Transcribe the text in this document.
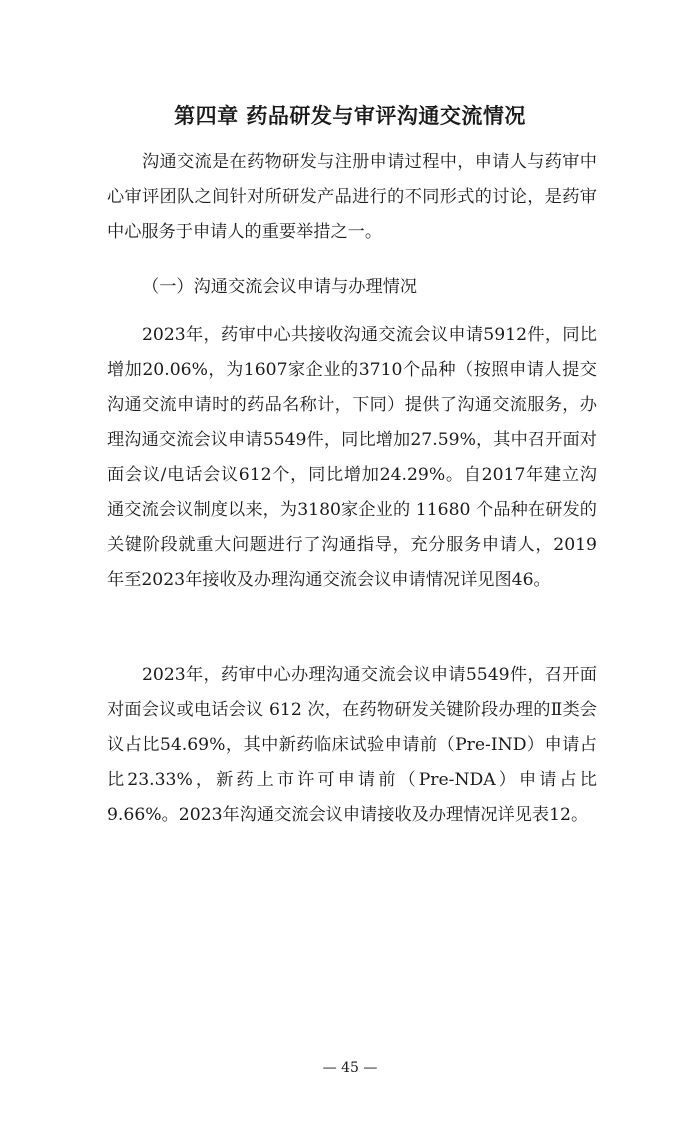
第四章 药品研发与审评沟通交流情况

沟通交流是在药物研发与注册申请过程中，申请人与药审中心审评团队之间针对所研发产品进行的不同形式的讨论，是药审中心服务于申请人的重要举措之一。

（一）沟通交流会议申请与办理情况

2023年，药审中心共接收沟通交流会议申请5912件，同比增加20.06%，为1607家企业的3710个品种（按照申请人提交沟通交流申请时的药品名称计，下同）提供了沟通交流服务，办理沟通交流会议申请5549件，同比增加27.59%，其中召开面对面会议/电话会议612个，同比增加24.29%。自2017年建立沟通交流会议制度以来，为3180家企业的 11680 个品种在研发的关键阶段就重大问题进行了沟通指导，充分服务申请人，2019年至2023年接收及办理沟通交流会议申请情况详见图46。

2023年，药审中心办理沟通交流会议申请5549件，召开面对面会议或电话会议 612 次，在药物研发关键阶段办理的Ⅱ类会议占比54.69%，其中新药临床试验申请前（Pre-IND）申请占比23.33%，新药上市许可申请前（Pre-NDA）申请占比9.66%。2023年沟通交流会议申请接收及办理情况详见表12。

— 45 —
